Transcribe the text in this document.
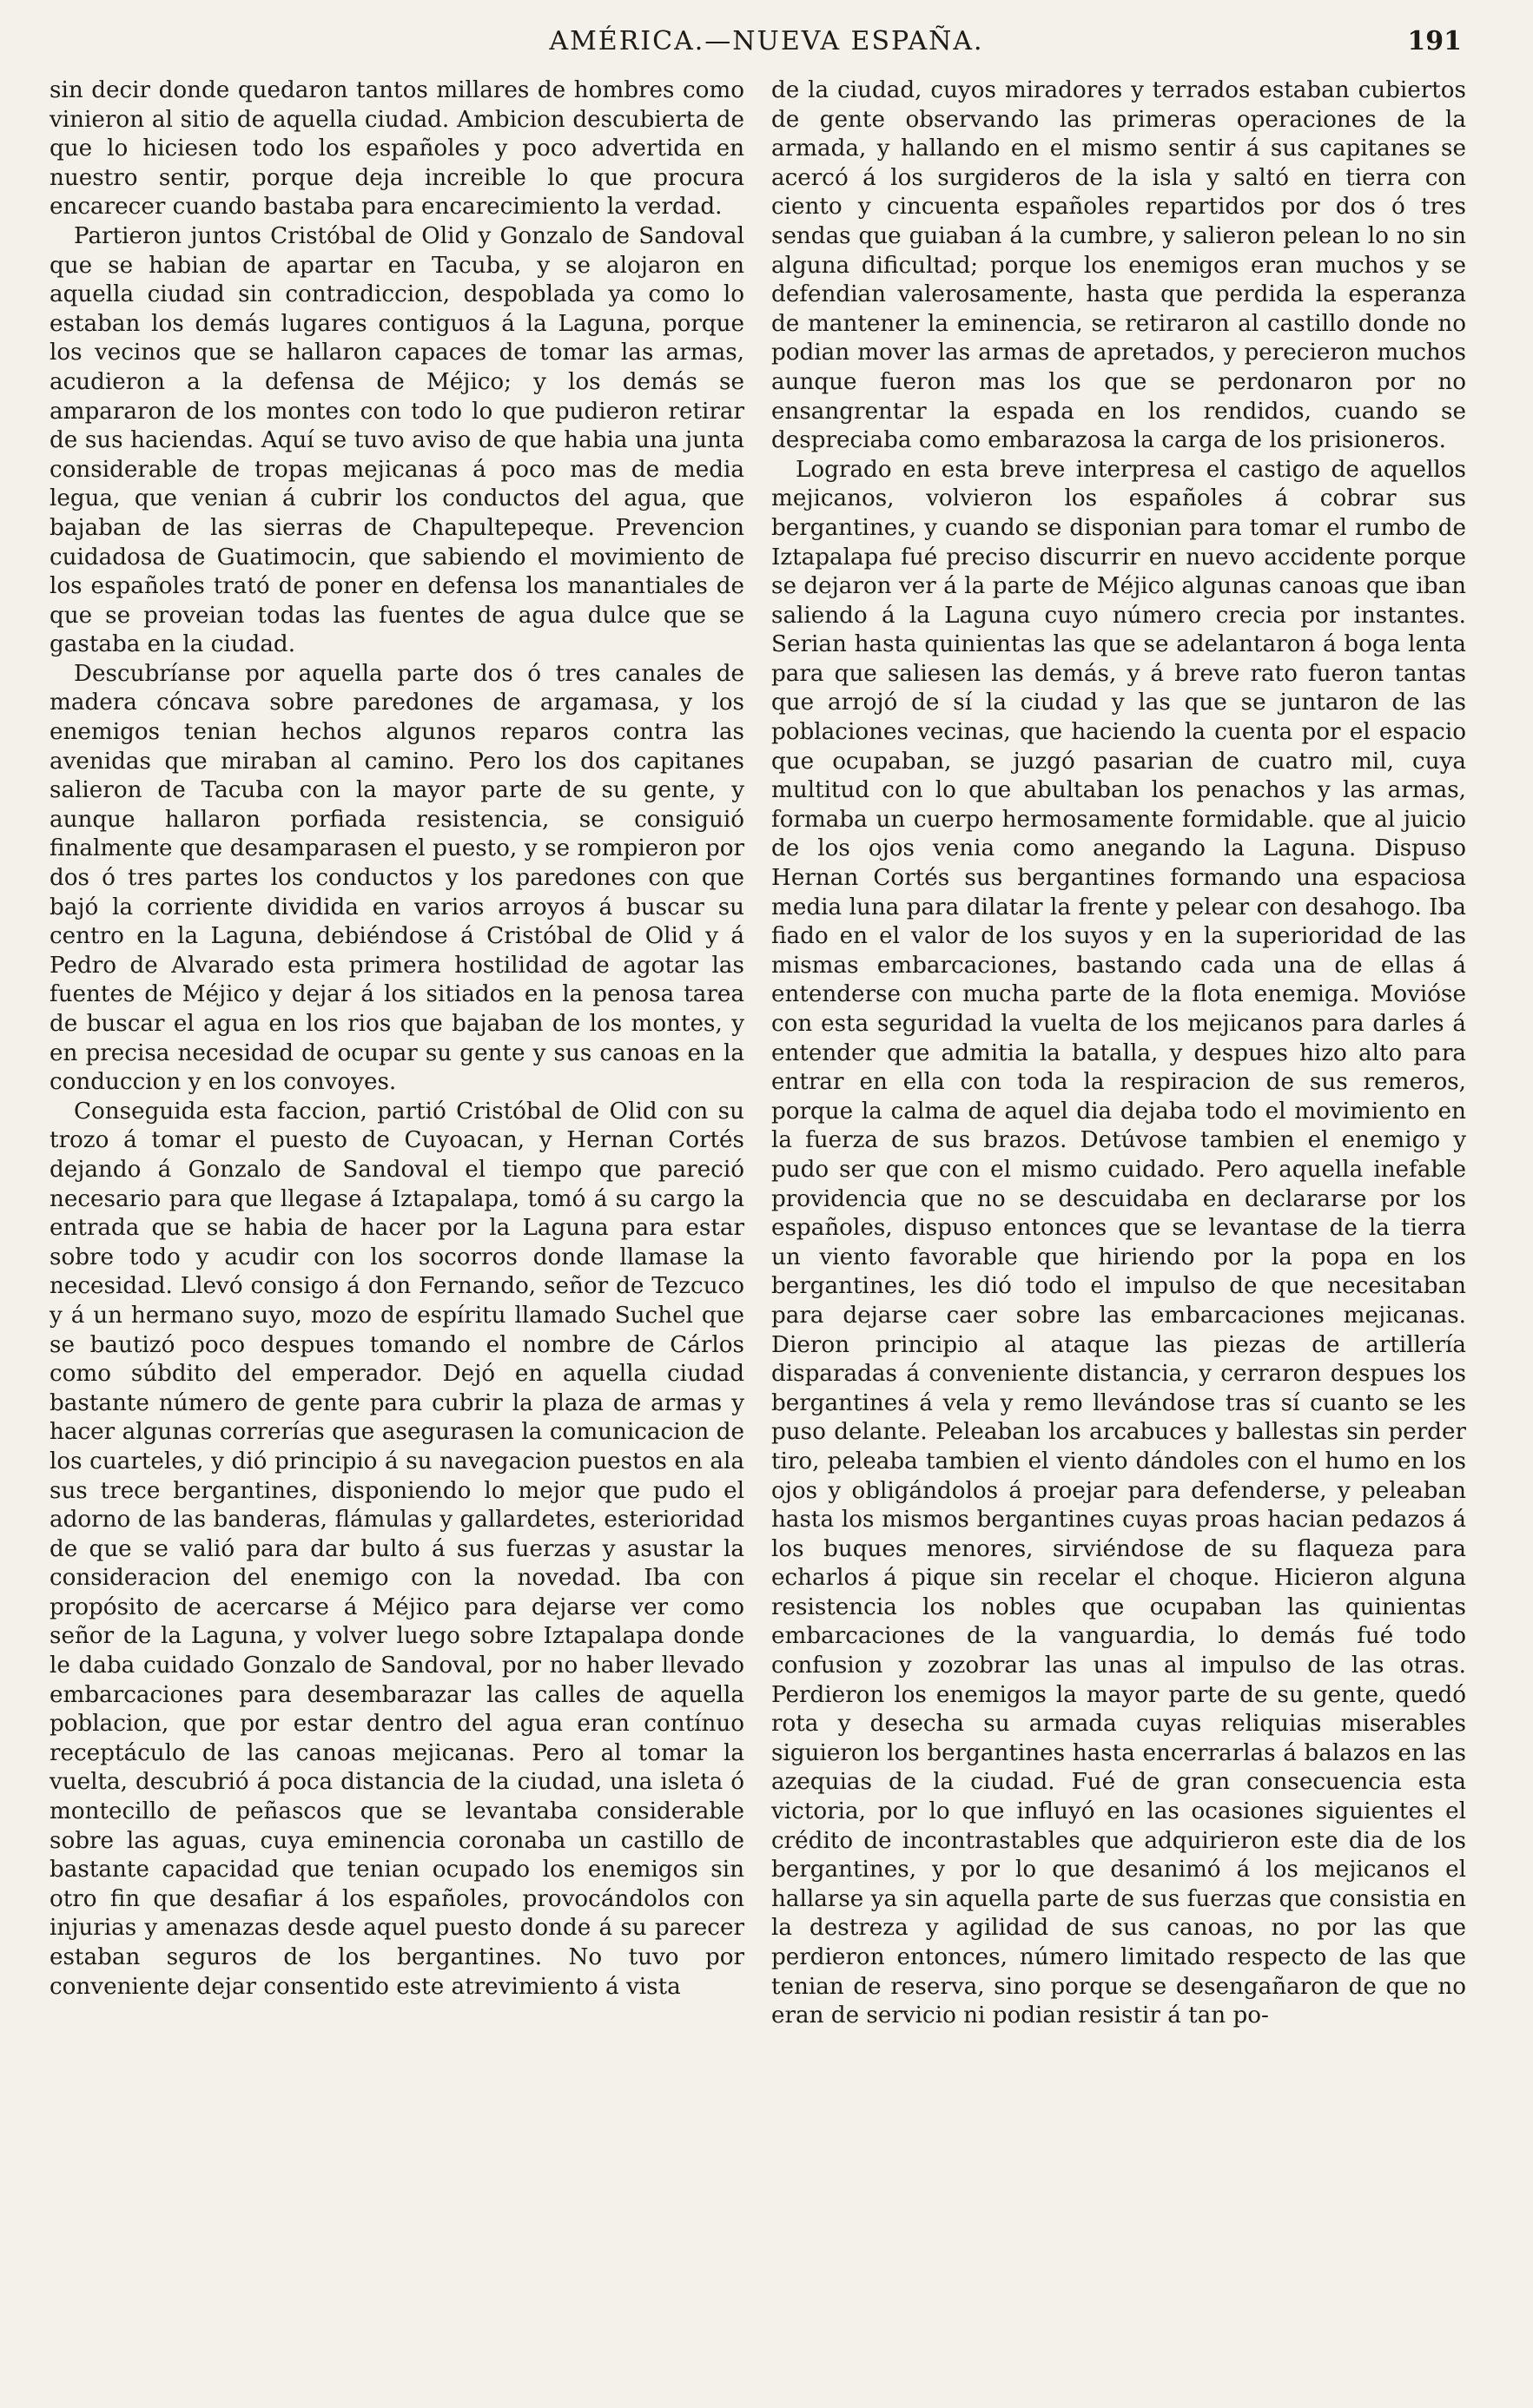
AMÉRICA.—NUEVA ESPAÑA.	191

sin decir donde quedaron tantos millares de hombres como vinieron al sitio de aquella ciudad. Ambicion descubierta de que lo hiciesen todo los españoles y poco advertida en nuestro sentir, porque deja increible lo que procura encarecer cuando bastaba para encarecimiento la verdad.

Partieron juntos Cristóbal de Olid y Gonzalo de Sandoval que se habian de apartar en Tacuba, y se alojaron en aquella ciudad sin contradiccion, despoblada ya como lo estaban los demás lugares contiguos á la Laguna, porque los vecinos que se hallaron capaces de tomar las armas, acudieron a la defensa de Méjico; y los demás se ampararon de los montes con todo lo que pudieron retirar de sus haciendas. Aquí se tuvo aviso de que habia una junta considerable de tropas mejicanas á poco mas de media legua, que venian á cubrir los conductos del agua, que bajaban de las sierras de Chapultepeque. Prevencion cuidadosa de Guatimocin, que sabiendo el movimiento de los españoles trató de poner en defensa los manantiales de que se proveian todas las fuentes de agua dulce que se gastaba en la ciudad.

Descubríanse por aquella parte dos ó tres canales de madera cóncava sobre paredones de argamasa, y los enemigos tenian hechos algunos reparos contra las avenidas que miraban al camino. Pero los dos capitanes salieron de Tacuba con la mayor parte de su gente, y aunque hallaron porfiada resistencia, se consiguió finalmente que desamparasen el puesto, y se rompieron por dos ó tres partes los conductos y los paredones con que bajó la corriente dividida en varios arroyos á buscar su centro en la Laguna, debiéndose á Cristóbal de Olid y á Pedro de Alvarado esta primera hostilidad de agotar las fuentes de Méjico y dejar á los sitiados en la penosa tarea de buscar el agua en los rios que bajaban de los montes, y en precisa necesidad de ocupar su gente y sus canoas en la conduccion y en los convoyes.

Conseguida esta faccion, partió Cristóbal de Olid con su trozo á tomar el puesto de Cuyoacan, y Hernan Cortés dejando á Gonzalo de Sandoval el tiempo que pareció necesario para que llegase á Iztapalapa, tomó á su cargo la entrada que se habia de hacer por la Laguna para estar sobre todo y acudir con los socorros donde llamase la necesidad. Llevó consigo á don Fernando, señor de Tezcuco y á un hermano suyo, mozo de espíritu llamado Suchel que se bautizó poco despues tomando el nombre de Cárlos como súbdito del emperador. Dejó en aquella ciudad bastante número de gente para cubrir la plaza de armas y hacer algunas correrías que asegurasen la comunicacion de los cuarteles, y dió principio á su navegacion puestos en ala sus trece bergantines, disponiendo lo mejor que pudo el adorno de las banderas, flámulas y gallardetes, esterioridad de que se valió para dar bulto á sus fuerzas y asustar la consideracion del enemigo con la novedad. Iba con propósito de acercarse á Méjico para dejarse ver como señor de la Laguna, y volver luego sobre Iztapalapa donde le daba cuidado Gonzalo de Sandoval, por no haber llevado embarcaciones para desembarazar las calles de aquella poblacion, que por estar dentro del agua eran contínuo receptáculo de las canoas mejicanas. Pero al tomar la vuelta, descubrió á poca distancia de la ciudad, una isleta ó montecillo de peñascos que se levantaba considerable sobre las aguas, cuya eminencia coronaba un castillo de bastante capacidad que tenian ocupado los enemigos sin otro fin que desafiar á los españoles, provocándolos con injurias y amenazas desde aquel puesto donde á su parecer estaban seguros de los bergantines. No tuvo por conveniente dejar consentido este atrevimiento á vista

de la ciudad, cuyos miradores y terrados estaban cubiertos de gente observando las primeras operaciones de la armada, y hallando en el mismo sentir á sus capitanes se acercó á los surgideros de la isla y saltó en tierra con ciento y cincuenta españoles repartidos por dos ó tres sendas que guiaban á la cumbre, y salieron pelean lo no sin alguna dificultad; porque los enemigos eran muchos y se defendian valerosamente, hasta que perdida la esperanza de mantener la eminencia, se retiraron al castillo donde no podian mover las armas de apretados, y perecieron muchos aunque fueron mas los que se perdonaron por no ensangrentar la espada en los rendidos, cuando se despreciaba como embarazosa la carga de los prisioneros.

Logrado en esta breve interpresa el castigo de aquellos mejicanos, volvieron los españoles á cobrar sus bergantines, y cuando se disponian para tomar el rumbo de Iztapalapa fué preciso discurrir en nuevo accidente porque se dejaron ver á la parte de Méjico algunas canoas que iban saliendo á la Laguna cuyo número crecia por instantes. Serian hasta quinientas las que se adelantaron á boga lenta para que saliesen las demás, y á breve rato fueron tantas que arrojó de sí la ciudad y las que se juntaron de las poblaciones vecinas, que haciendo la cuenta por el espacio que ocupaban, se juzgó pasarian de cuatro mil, cuya multitud con lo que abultaban los penachos y las armas, formaba un cuerpo hermosamente formidable. que al juicio de los ojos venia como anegando la Laguna. Dispuso Hernan Cortés sus bergantines formando una espaciosa media luna para dilatar la frente y pelear con desahogo. Iba fiado en el valor de los suyos y en la superioridad de las mismas embarcaciones, bastando cada una de ellas á entenderse con mucha parte de la flota enemiga. Movióse con esta seguridad la vuelta de los mejicanos para darles á entender que admitia la batalla, y despues hizo alto para entrar en ella con toda la respiracion de sus remeros, porque la calma de aquel dia dejaba todo el movimiento en la fuerza de sus brazos. Detúvose tambien el enemigo y pudo ser que con el mismo cuidado. Pero aquella inefable providencia que no se descuidaba en declararse por los españoles, dispuso entonces que se levantase de la tierra un viento favorable que hiriendo por la popa en los bergantines, les dió todo el impulso de que necesitaban para dejarse caer sobre las embarcaciones mejicanas. Dieron principio al ataque las piezas de artillería disparadas á conveniente distancia, y cerraron despues los bergantines á vela y remo llevándose tras sí cuanto se les puso delante. Peleaban los arcabuces y ballestas sin perder tiro, peleaba tambien el viento dándoles con el humo en los ojos y obligándolos á proejar para defenderse, y peleaban hasta los mismos bergantines cuyas proas hacian pedazos á los buques menores, sirviéndose de su flaqueza para echarlos á pique sin recelar el choque. Hicieron alguna resistencia los nobles que ocupaban las quinientas embarcaciones de la vanguardia, lo demás fué todo confusion y zozobrar las unas al impulso de las otras. Perdieron los enemigos la mayor parte de su gente, quedó rota y desecha su armada cuyas reliquias miserables siguieron los bergantines hasta encerrarlas á balazos en las azequias de la ciudad. Fué de gran consecuencia esta victoria, por lo que influyó en las ocasiones siguientes el crédito de incontrastables que adquirieron este dia de los bergantines, y por lo que desanimó á los mejicanos el hallarse ya sin aquella parte de sus fuerzas que consistia en la destreza y agilidad de sus canoas, no por las que perdieron entonces, número limitado respecto de las que tenian de reserva, sino porque se desengañaron de que no eran de servicio ni podian resistir á tan po-
